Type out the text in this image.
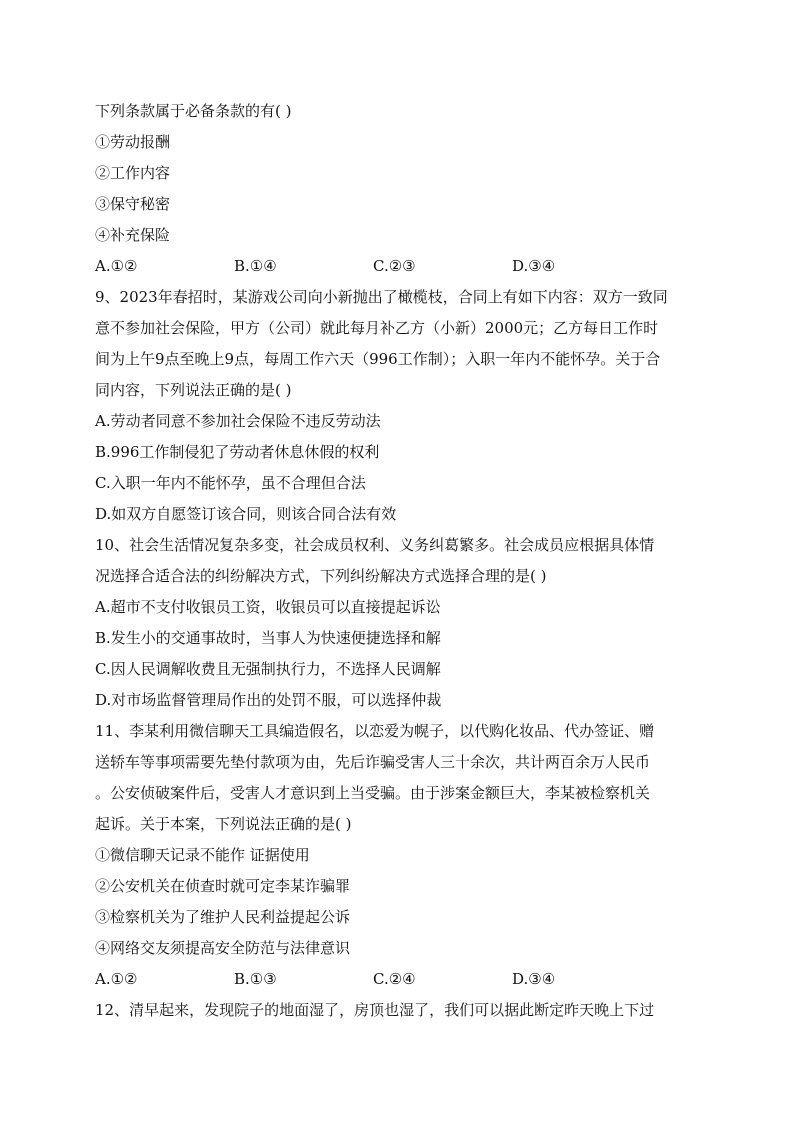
下列条款属于必备条款的有( )
①劳动报酬
②工作内容
③保守秘密
④补充保险
A.①②	B.①④	C.②③	D.③④
9、2023年春招时，某游戏公司向小新抛出了橄榄枝，合同上有如下内容：双方一致同
意不参加社会保险，甲方（公司）就此每月补乙方（小新）2000元；乙方每日工作时
间为上午9点至晚上9点，每周工作六天（996工作制）；入职一年内不能怀孕。关于合
同内容，下列说法正确的是( )
A.劳动者同意不参加社会保险不违反劳动法
B.996工作制侵犯了劳动者休息休假的权利
C.入职一年内不能怀孕，虽不合理但合法
D.如双方自愿签订该合同，则该合同合法有效
10、社会生活情况复杂多变，社会成员权利、义务纠葛繁多。社会成员应根据具体情
况选择合适合法的纠纷解决方式，下列纠纷解决方式选择合理的是( )
A.超市不支付收银员工资，收银员可以直接提起诉讼
B.发生小的交通事故时，当事人为快速便捷选择和解
C.因人民调解收费且无强制执行力，不选择人民调解
D.对市场监督管理局作出的处罚不服，可以选择仲裁
11、李某利用微信聊天工具编造假名，以恋爱为幌子，以代购化妆品、代办签证、赠
送轿车等事项需要先垫付款项为由，先后诈骗受害人三十余次，共计两百余万人民币
。公安侦破案件后，受害人才意识到上当受骗。由于涉案金额巨大，李某被检察机关
起诉。关于本案，下列说法正确的是( )
①微信聊天记录不能作 证据使用
②公安机关在侦查时就可定李某诈骗罪
③检察机关为了维护人民利益提起公诉
④网络交友须提高安全防范与法律意识
A.①②	B.①③	C.②④	D.③④
12、清早起来，发现院子的地面湿了，房顶也湿了，我们可以据此断定昨天晚上下过
